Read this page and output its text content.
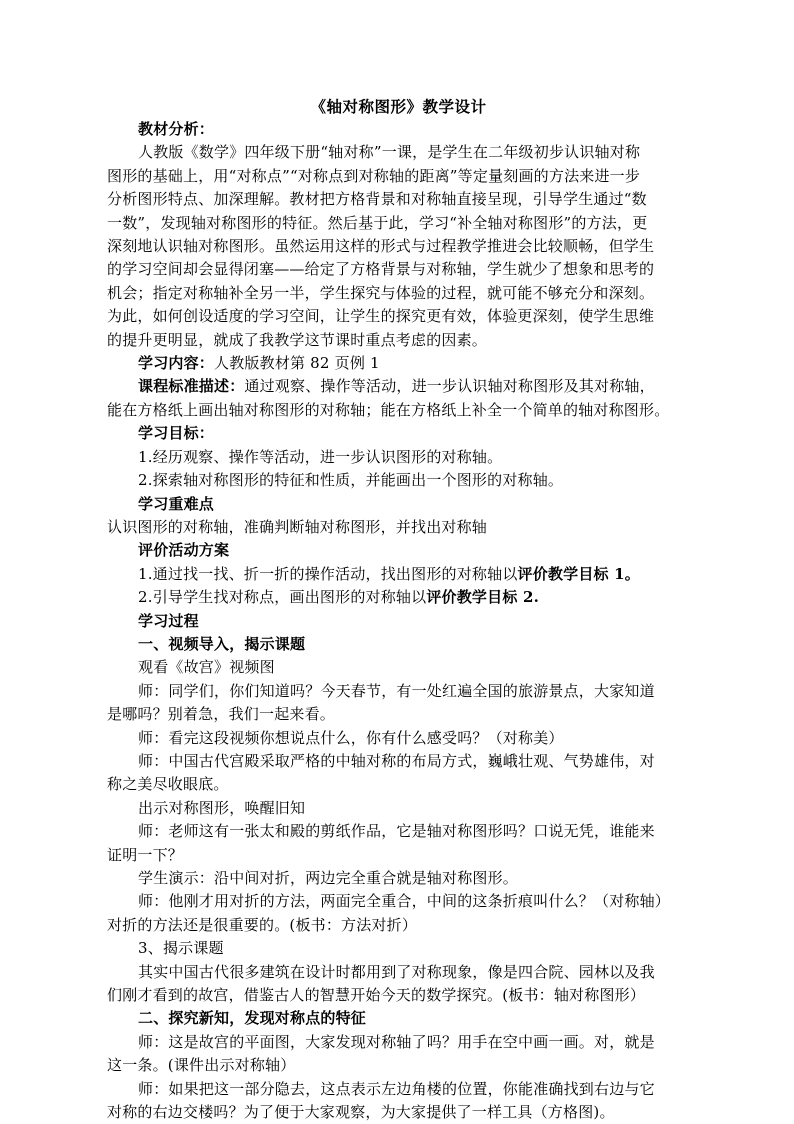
《轴对称图形》教学设计
教材分析：
人教版《数学》四年级下册“轴对称”一课，是学生在二年级初步认识轴对称
图形的基础上，用“对称点”“对称点到对称轴的距离”等定量刻画的方法来进一步
分析图形特点、加深理解。教材把方格背景和对称轴直接呈现，引导学生通过“数
一数”，发现轴对称图形的特征。然后基于此，学习“补全轴对称图形”的方法，更
深刻地认识轴对称图形。虽然运用这样的形式与过程教学推进会比较顺畅，但学生
的学习空间却会显得闭塞——给定了方格背景与对称轴，学生就少了想象和思考的
机会；指定对称轴补全另一半，学生探究与体验的过程，就可能不够充分和深刻。
为此，如何创设适度的学习空间，让学生的探究更有效，体验更深刻，使学生思维
的提升更明显，就成了我教学这节课时重点考虑的因素。
学习内容：人教版教材第 82 页例 1
课程标准描述：通过观察、操作等活动，进一步认识轴对称图形及其对称轴，
能在方格纸上画出轴对称图形的对称轴；能在方格纸上补全一个简单的轴对称图形。
学习目标：
1.经历观察、操作等活动，进一步认识图形的对称轴。
2.探索轴对称图形的特征和性质，并能画出一个图形的对称轴。
学习重难点
认识图形的对称轴，准确判断轴对称图形，并找出对称轴
评价活动方案
1.通过找一找、折一折的操作活动，找出图形的对称轴以评价教学目标 1。
2.引导学生找对称点，画出图形的对称轴以评价教学目标 2.
学习过程
一、视频导入，揭示课题
观看《故宫》视频图
师：同学们，你们知道吗？今天春节，有一处红遍全国的旅游景点，大家知道
是哪吗？别着急，我们一起来看。
师：看完这段视频你想说点什么，你有什么感受吗？（对称美）
师：中国古代宫殿采取严格的中轴对称的布局方式，巍峨壮观、气势雄伟，对
称之美尽收眼底。
出示对称图形，唤醒旧知
师：老师这有一张太和殿的剪纸作品，它是轴对称图形吗？口说无凭，谁能来
证明一下？
学生演示：沿中间对折，两边完全重合就是轴对称图形。
师：他刚才用对折的方法，两面完全重合，中间的这条折痕叫什么？（对称轴）
对折的方法还是很重要的。(板书：方法对折）
3、揭示课题
其实中国古代很多建筑在设计时都用到了对称现象，像是四合院、园林以及我
们刚才看到的故宫，借鉴古人的智慧开始今天的数学探究。(板书：轴对称图形）
二、探究新知，发现对称点的特征
师：这是故宫的平面图，大家发现对称轴了吗？用手在空中画一画。对，就是
这一条。(课件出示对称轴）
师：如果把这一部分隐去，这点表示左边角楼的位置，你能准确找到右边与它
对称的右边交楼吗？为了便于大家观察，为大家提供了一样工具（方格图)。
